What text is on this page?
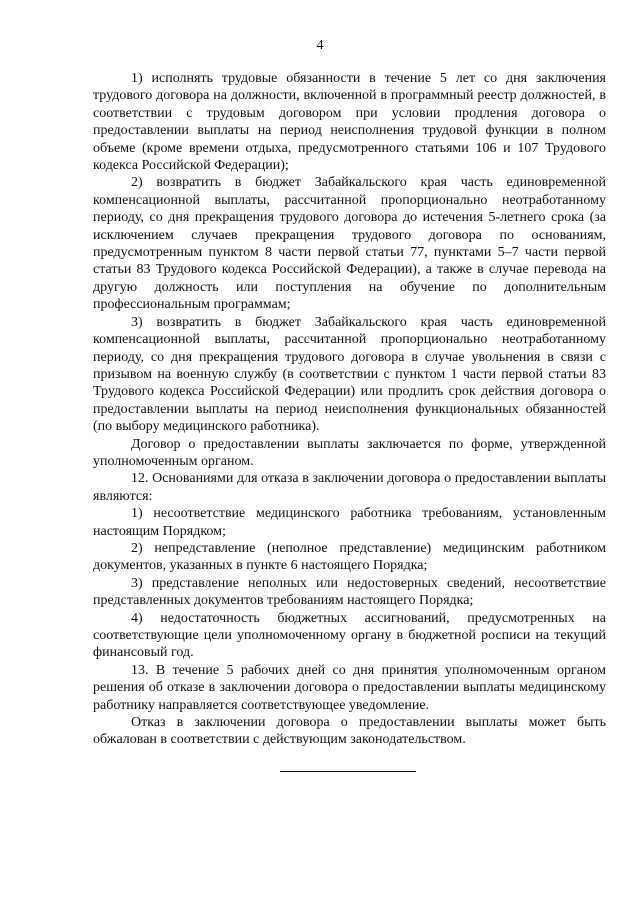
4

1) исполнять трудовые обязанности в течение 5 лет со дня заключения трудового договора на должности, включенной в программный реестр должностей, в соответствии с трудовым договором при условии продления договора о предоставлении выплаты на период неисполнения трудовой функции в полном объеме (кроме времени отдыха, предусмотренного статьями 106 и 107 Трудового кодекса Российской Федерации);

2) возвратить в бюджет Забайкальского края часть единовременной компенсационной выплаты, рассчитанной пропорционально неотработанному периоду, со дня прекращения трудового договора до истечения 5-летнего срока (за исключением случаев прекращения трудового договора по основаниям, предусмотренным пунктом 8 части первой статьи 77, пунктами 5–7 части первой статьи 83 Трудового кодекса Российской Федерации), а также в случае перевода на другую должность или поступления на обучение по дополнительным профессиональным программам;

3) возвратить в бюджет Забайкальского края часть единовременной компенсационной выплаты, рассчитанной пропорционально неотработанному периоду, со дня прекращения трудового договора в случае увольнения в связи с призывом на военную службу (в соответствии с пунктом 1 части первой статьи 83 Трудового кодекса Российской Федерации) или продлить срок действия договора о предоставлении выплаты на период неисполнения функциональных обязанностей (по выбору медицинского работника).

Договор о предоставлении выплаты заключается по форме, утвержденной уполномоченным органом.

12. Основаниями для отказа в заключении договора о предоставлении выплаты являются:

1) несоответствие медицинского работника требованиям, установленным настоящим Порядком;

2) непредставление (неполное представление) медицинским работником документов, указанных в пункте 6 настоящего Порядка;

3) представление неполных или недостоверных сведений, несоответствие представленных документов требованиям настоящего Порядка;

4) недостаточность бюджетных ассигнований, предусмотренных на соответствующие цели уполномоченному органу в бюджетной росписи на текущий финансовый год.

13. В течение 5 рабочих дней со дня принятия уполномоченным органом решения об отказе в заключении договора о предоставлении выплаты медицинскому работнику направляется соответствующее уведомление.

Отказ в заключении договора о предоставлении выплаты может быть обжалован в соответствии с действующим законодательством.
